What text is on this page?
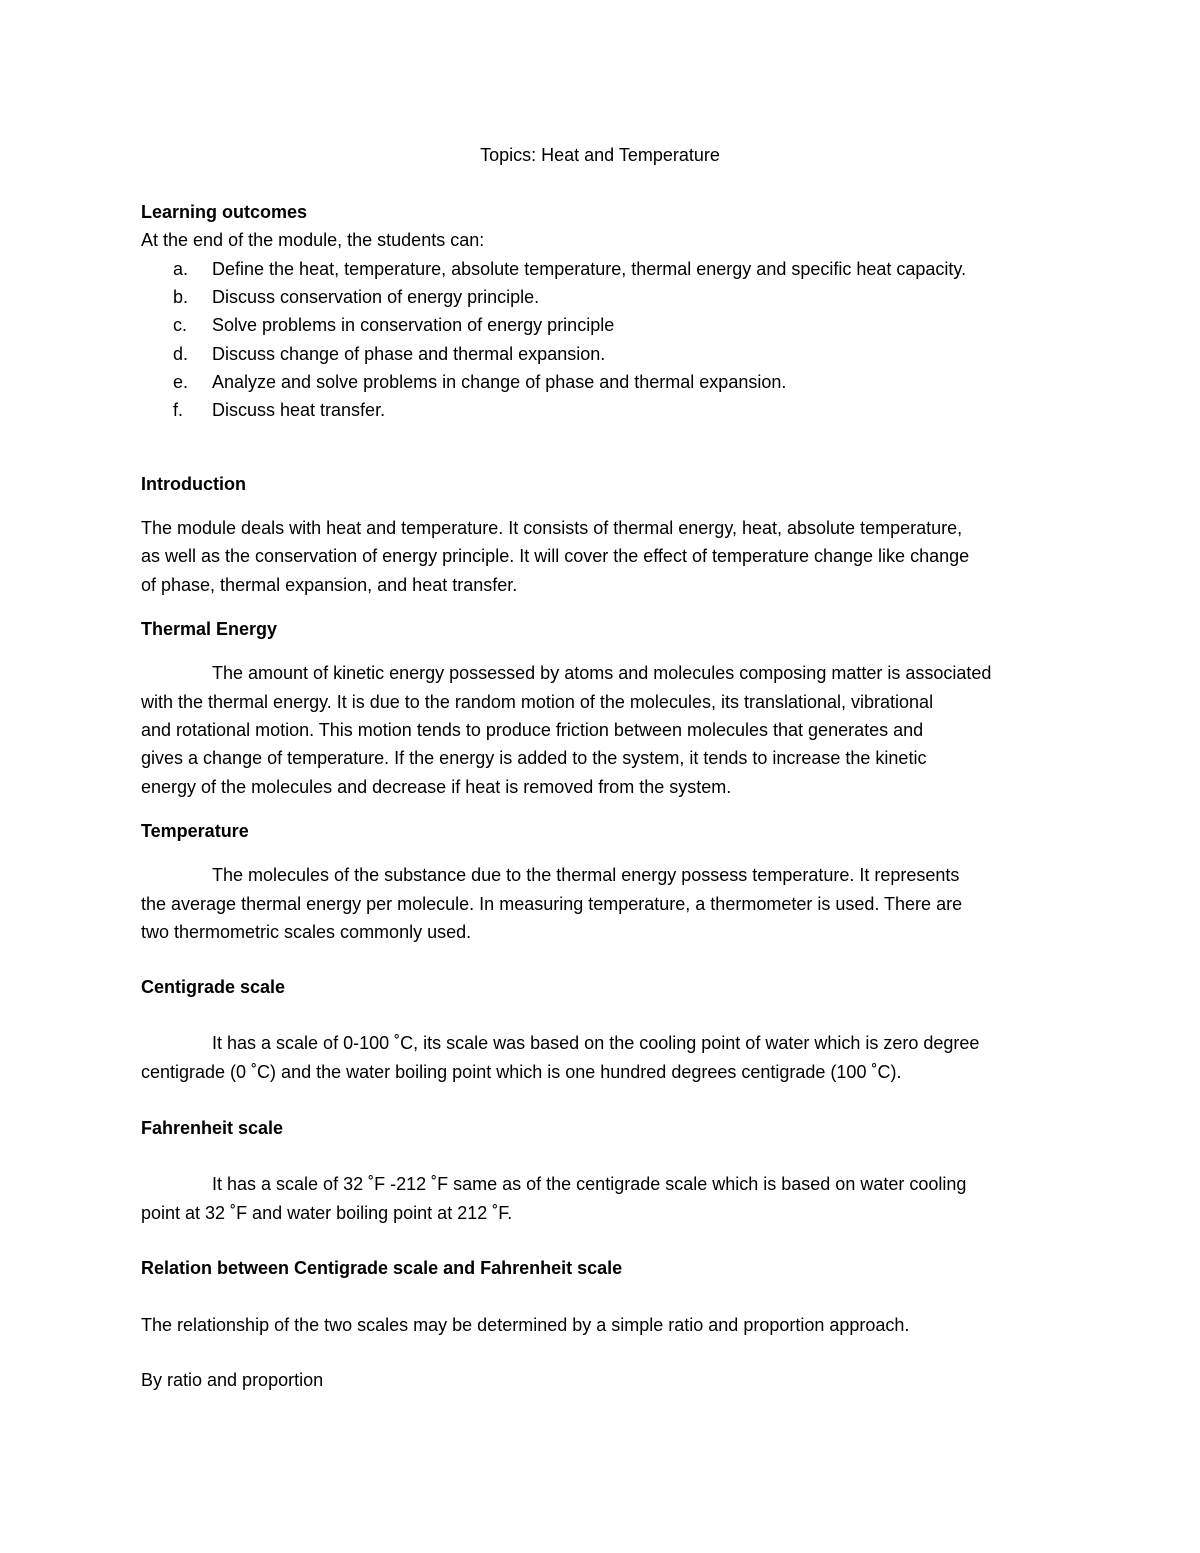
Topics: Heat and Temperature

Learning outcomes

At the end of the module, the students can:

a. Define the heat, temperature, absolute temperature, thermal energy and specific heat capacity.
b. Discuss conservation of energy principle.
c. Solve problems in conservation of energy principle
d. Discuss change of phase and thermal expansion.
e. Analyze and solve problems in change of phase and thermal expansion.
f. Discuss heat transfer.

Introduction

The module deals with heat and temperature. It consists of thermal energy, heat, absolute temperature,

as well as the conservation of energy principle. It will cover the effect of temperature change like change

of phase, thermal expansion, and heat transfer.

Thermal Energy

The amount of kinetic energy possessed by atoms and molecules composing matter is associated

with the thermal energy. It is due to the random motion of the molecules, its translational, vibrational

and rotational motion. This motion tends to produce friction between molecules that generates and

gives a change of temperature. If the energy is added to the system, it tends to increase the kinetic

energy of the molecules and decrease if heat is removed from the system.

Temperature

The molecules of the substance due to the thermal energy possess temperature. It represents

the average thermal energy per molecule. In measuring temperature, a thermometer is used. There are

two thermometric scales commonly used.

Centigrade scale

It has a scale of 0-100 ˚C, its scale was based on the cooling point of water which is zero degree

centigrade (0 ˚C) and the water boiling point which is one hundred degrees centigrade (100 ˚C).

Fahrenheit scale

It has a scale of 32 ˚F -212 ˚F same as of the centigrade scale which is based on water cooling

point at 32 ˚F and water boiling point at 212 ˚F.

Relation between Centigrade scale and Fahrenheit scale

The relationship of the two scales may be determined by a simple ratio and proportion approach.

By ratio and proportion
